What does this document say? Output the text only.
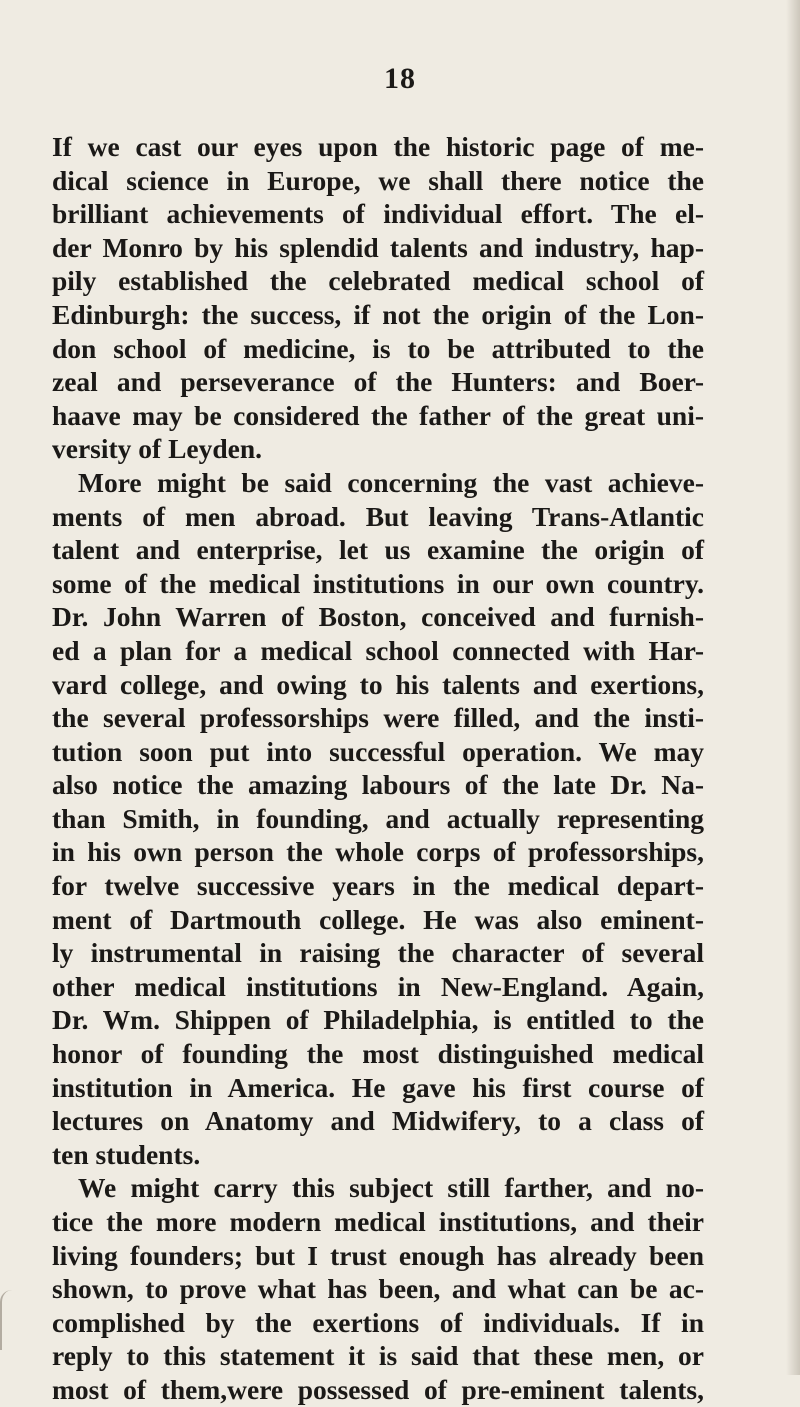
18
If we cast our eyes upon the historic page of me-
dical science in Europe, we shall there notice the
brilliant achievements of individual effort. The el-
der Monro by his splendid talents and industry, hap-
pily established the celebrated medical school of
Edinburgh: the success, if not the origin of the Lon-
don school of medicine, is to be attributed to the
zeal and perseverance of the Hunters: and Boer-
haave may be considered the father of the great uni-
versity of Leyden.
More might be said concerning the vast achieve-
ments of men abroad. But leaving Trans-Atlantic
talent and enterprise, let us examine the origin of
some of the medical institutions in our own country.
Dr. John Warren of Boston, conceived and furnish-
ed a plan for a medical school connected with Har-
vard college, and owing to his talents and exertions,
the several professorships were filled, and the insti-
tution soon put into successful operation. We may
also notice the amazing labours of the late Dr. Na-
than Smith, in founding, and actually representing
in his own person the whole corps of professorships,
for twelve successive years in the medical depart-
ment of Dartmouth college. He was also eminent-
ly instrumental in raising the character of several
other medical institutions in New-England. Again,
Dr. Wm. Shippen of Philadelphia, is entitled to the
honor of founding the most distinguished medical
institution in America. He gave his first course of
lectures on Anatomy and Midwifery, to a class of
ten students.
We might carry this subject still farther, and no-
tice the more modern medical institutions, and their
living founders; but I trust enough has already been
shown, to prove what has been, and what can be ac-
complished by the exertions of individuals. If in
reply to this statement it is said that these men, or
most of them,were possessed of pre-eminent talents,
